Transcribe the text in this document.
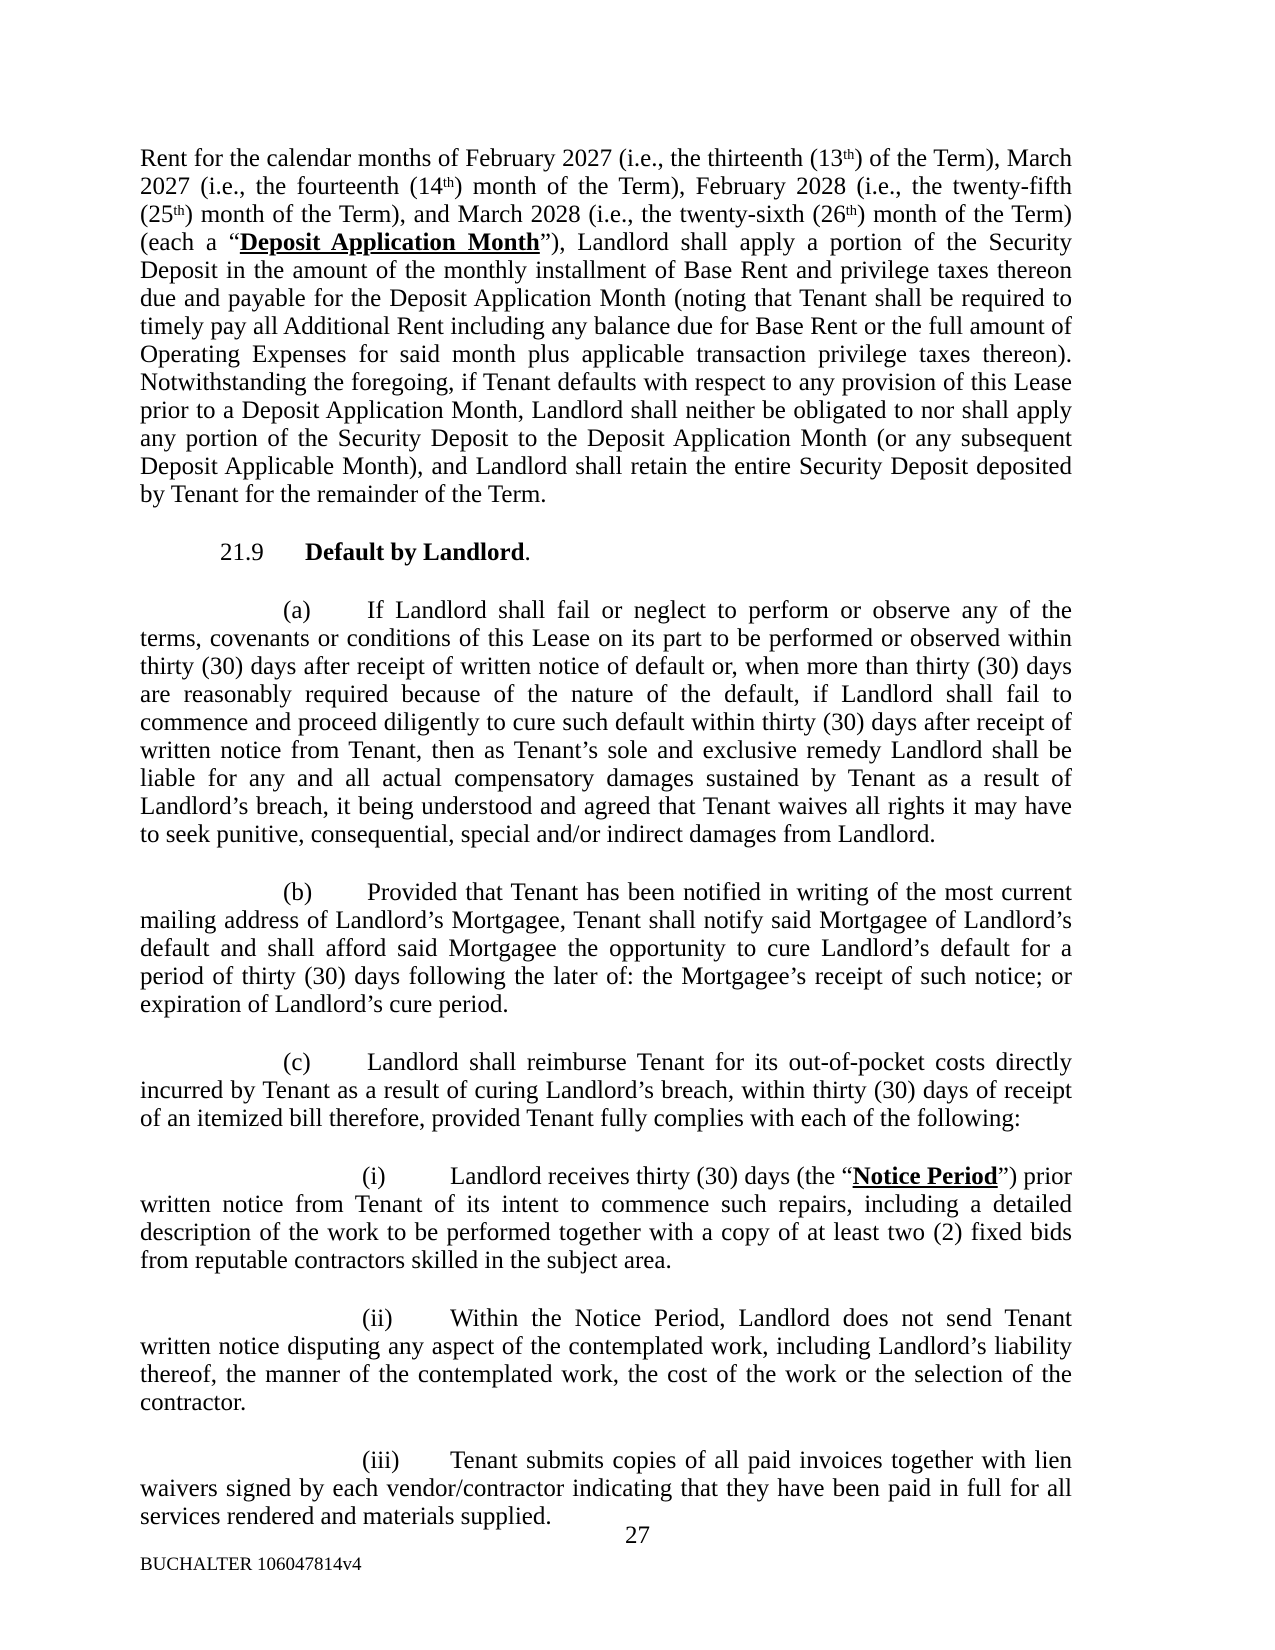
Rent for the calendar months of February 2027 (i.e., the thirteenth (13th) of the Term), March 2027 (i.e., the fourteenth (14th) month of the Term), February 2028 (i.e., the twenty-fifth (25th) month of the Term), and March 2028 (i.e., the twenty-sixth (26th) month of the Term) (each a “Deposit Application Month”), Landlord shall apply a portion of the Security Deposit in the amount of the monthly installment of Base Rent and privilege taxes thereon due and payable for the Deposit Application Month (noting that Tenant shall be required to timely pay all Additional Rent including any balance due for Base Rent or the full amount of Operating Expenses for said month plus applicable transaction privilege taxes thereon). Notwithstanding the foregoing, if Tenant defaults with respect to any provision of this Lease prior to a Deposit Application Month, Landlord shall neither be obligated to nor shall apply any portion of the Security Deposit to the Deposit Application Month (or any subsequent Deposit Applicable Month), and Landlord shall retain the entire Security Deposit deposited by Tenant for the remainder of the Term.
21.9 Default by Landlord.
(a) If Landlord shall fail or neglect to perform or observe any of the terms, covenants or conditions of this Lease on its part to be performed or observed within thirty (30) days after receipt of written notice of default or, when more than thirty (30) days are reasonably required because of the nature of the default, if Landlord shall fail to commence and proceed diligently to cure such default within thirty (30) days after receipt of written notice from Tenant, then as Tenant’s sole and exclusive remedy Landlord shall be liable for any and all actual compensatory damages sustained by Tenant as a result of Landlord’s breach, it being understood and agreed that Tenant waives all rights it may have to seek punitive, consequential, special and/or indirect damages from Landlord.
(b) Provided that Tenant has been notified in writing of the most current mailing address of Landlord’s Mortgagee, Tenant shall notify said Mortgagee of Landlord’s default and shall afford said Mortgagee the opportunity to cure Landlord’s default for a period of thirty (30) days following the later of: the Mortgagee’s receipt of such notice; or expiration of Landlord’s cure period.
(c) Landlord shall reimburse Tenant for its out-of-pocket costs directly incurred by Tenant as a result of curing Landlord’s breach, within thirty (30) days of receipt of an itemized bill therefore, provided Tenant fully complies with each of the following:
(i)	Landlord receives thirty (30) days (the “Notice Period”) prior written notice from Tenant of its intent to commence such repairs, including a detailed description of the work to be performed together with a copy of at least two (2) fixed bids from reputable contractors skilled in the subject area.
(ii) Within the Notice Period, Landlord does not send Tenant written notice disputing any aspect of the contemplated work, including Landlord’s liability thereof, the manner of the contemplated work, the cost of the work or the selection of the contractor.
(iii) Tenant submits copies of all paid invoices together with lien waivers signed by each vendor/contractor indicating that they have been paid in full for all services rendered and materials supplied.
27
BUCHALTER 106047814v4
